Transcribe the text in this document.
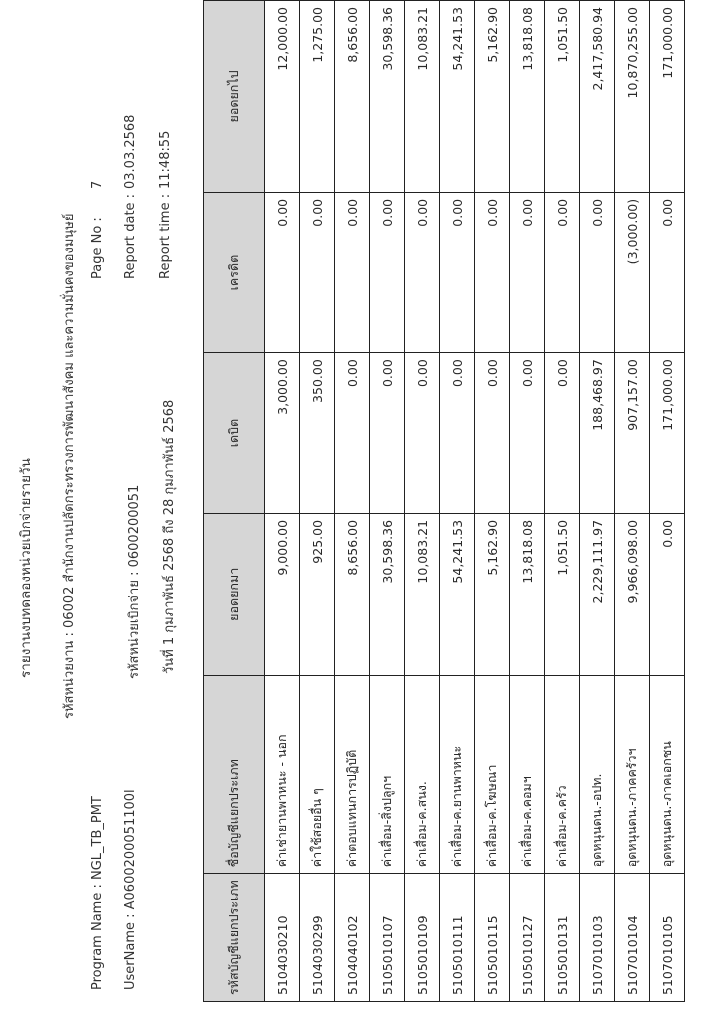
รายงานงบทดลองหน่วยเบิกจ่ายรายวัน
Program Name : NGL_TB_PMT
รหัสหน่วยงาน : 06002 สำนักงานปลัดกระทรวงการพัฒนาสังคม และความมั่นคงของมนุษย์ Page No :
7
UserName : A0600200051100l
รหัสหน่วยเบิกจ่าย : 0600200051
Report date :
03.03.2568
วันที่ 1 กุมภาพันธ์ 2568 ถึง 28 กุมภาพันธ์ 2568
Report time :
11:48:55
รหัสบัญชีแยกประเภท	ชื่อบัญชีแยกประเภท	ยอดยกมา	เดบิต	เครดิต	ยอดยกไป
5104030210	ค่าเช่ายานพาหนะ - นอก	9,000.00	3,000.00	0.00	12,000.00
5104030299	ค่าใช้สอยอื่น ๆ	925.00	350.00	0.00	1,275.00
5104040102	ค่าตอบแทนการปฏิบัติ	8,656.00	0.00	0.00	8,656.00
5105010107	ค่าเสื่อม-สิ่งปลูกฯ	30,598.36	0.00	0.00	30,598.36
5105010109	ค่าเสื่อม-ค.สนง.	10,083.21	0.00	0.00	10,083.21
5105010111	ค่าเสื่อม-ค.ยานพาหนะ	54,241.53	0.00	0.00	54,241.53
5105010115	ค่าเสื่อม-ค.โฆษณา	5,162.90	0.00	0.00	5,162.90
5105010127	ค่าเสื่อม-ค.คอมฯ	13,818.08	0.00	0.00	13,818.08
5105010131	ค่าเสื่อม-ค.ครัว	1,051.50	0.00	0.00	1,051.50
5107010103	อุดหนุนดน.-อปท.	2,229,111.97	188,468.97	0.00	2,417,580.94
5107010104	อุดหนุนดน.-ภาคครัวฯ	9,966,098.00	907,157.00	(3,000.00)	10,870,255.00
5107010105	อุดหนุนดน.-ภาคเอกชน	0.00	171,000.00	0.00	171,000.00
